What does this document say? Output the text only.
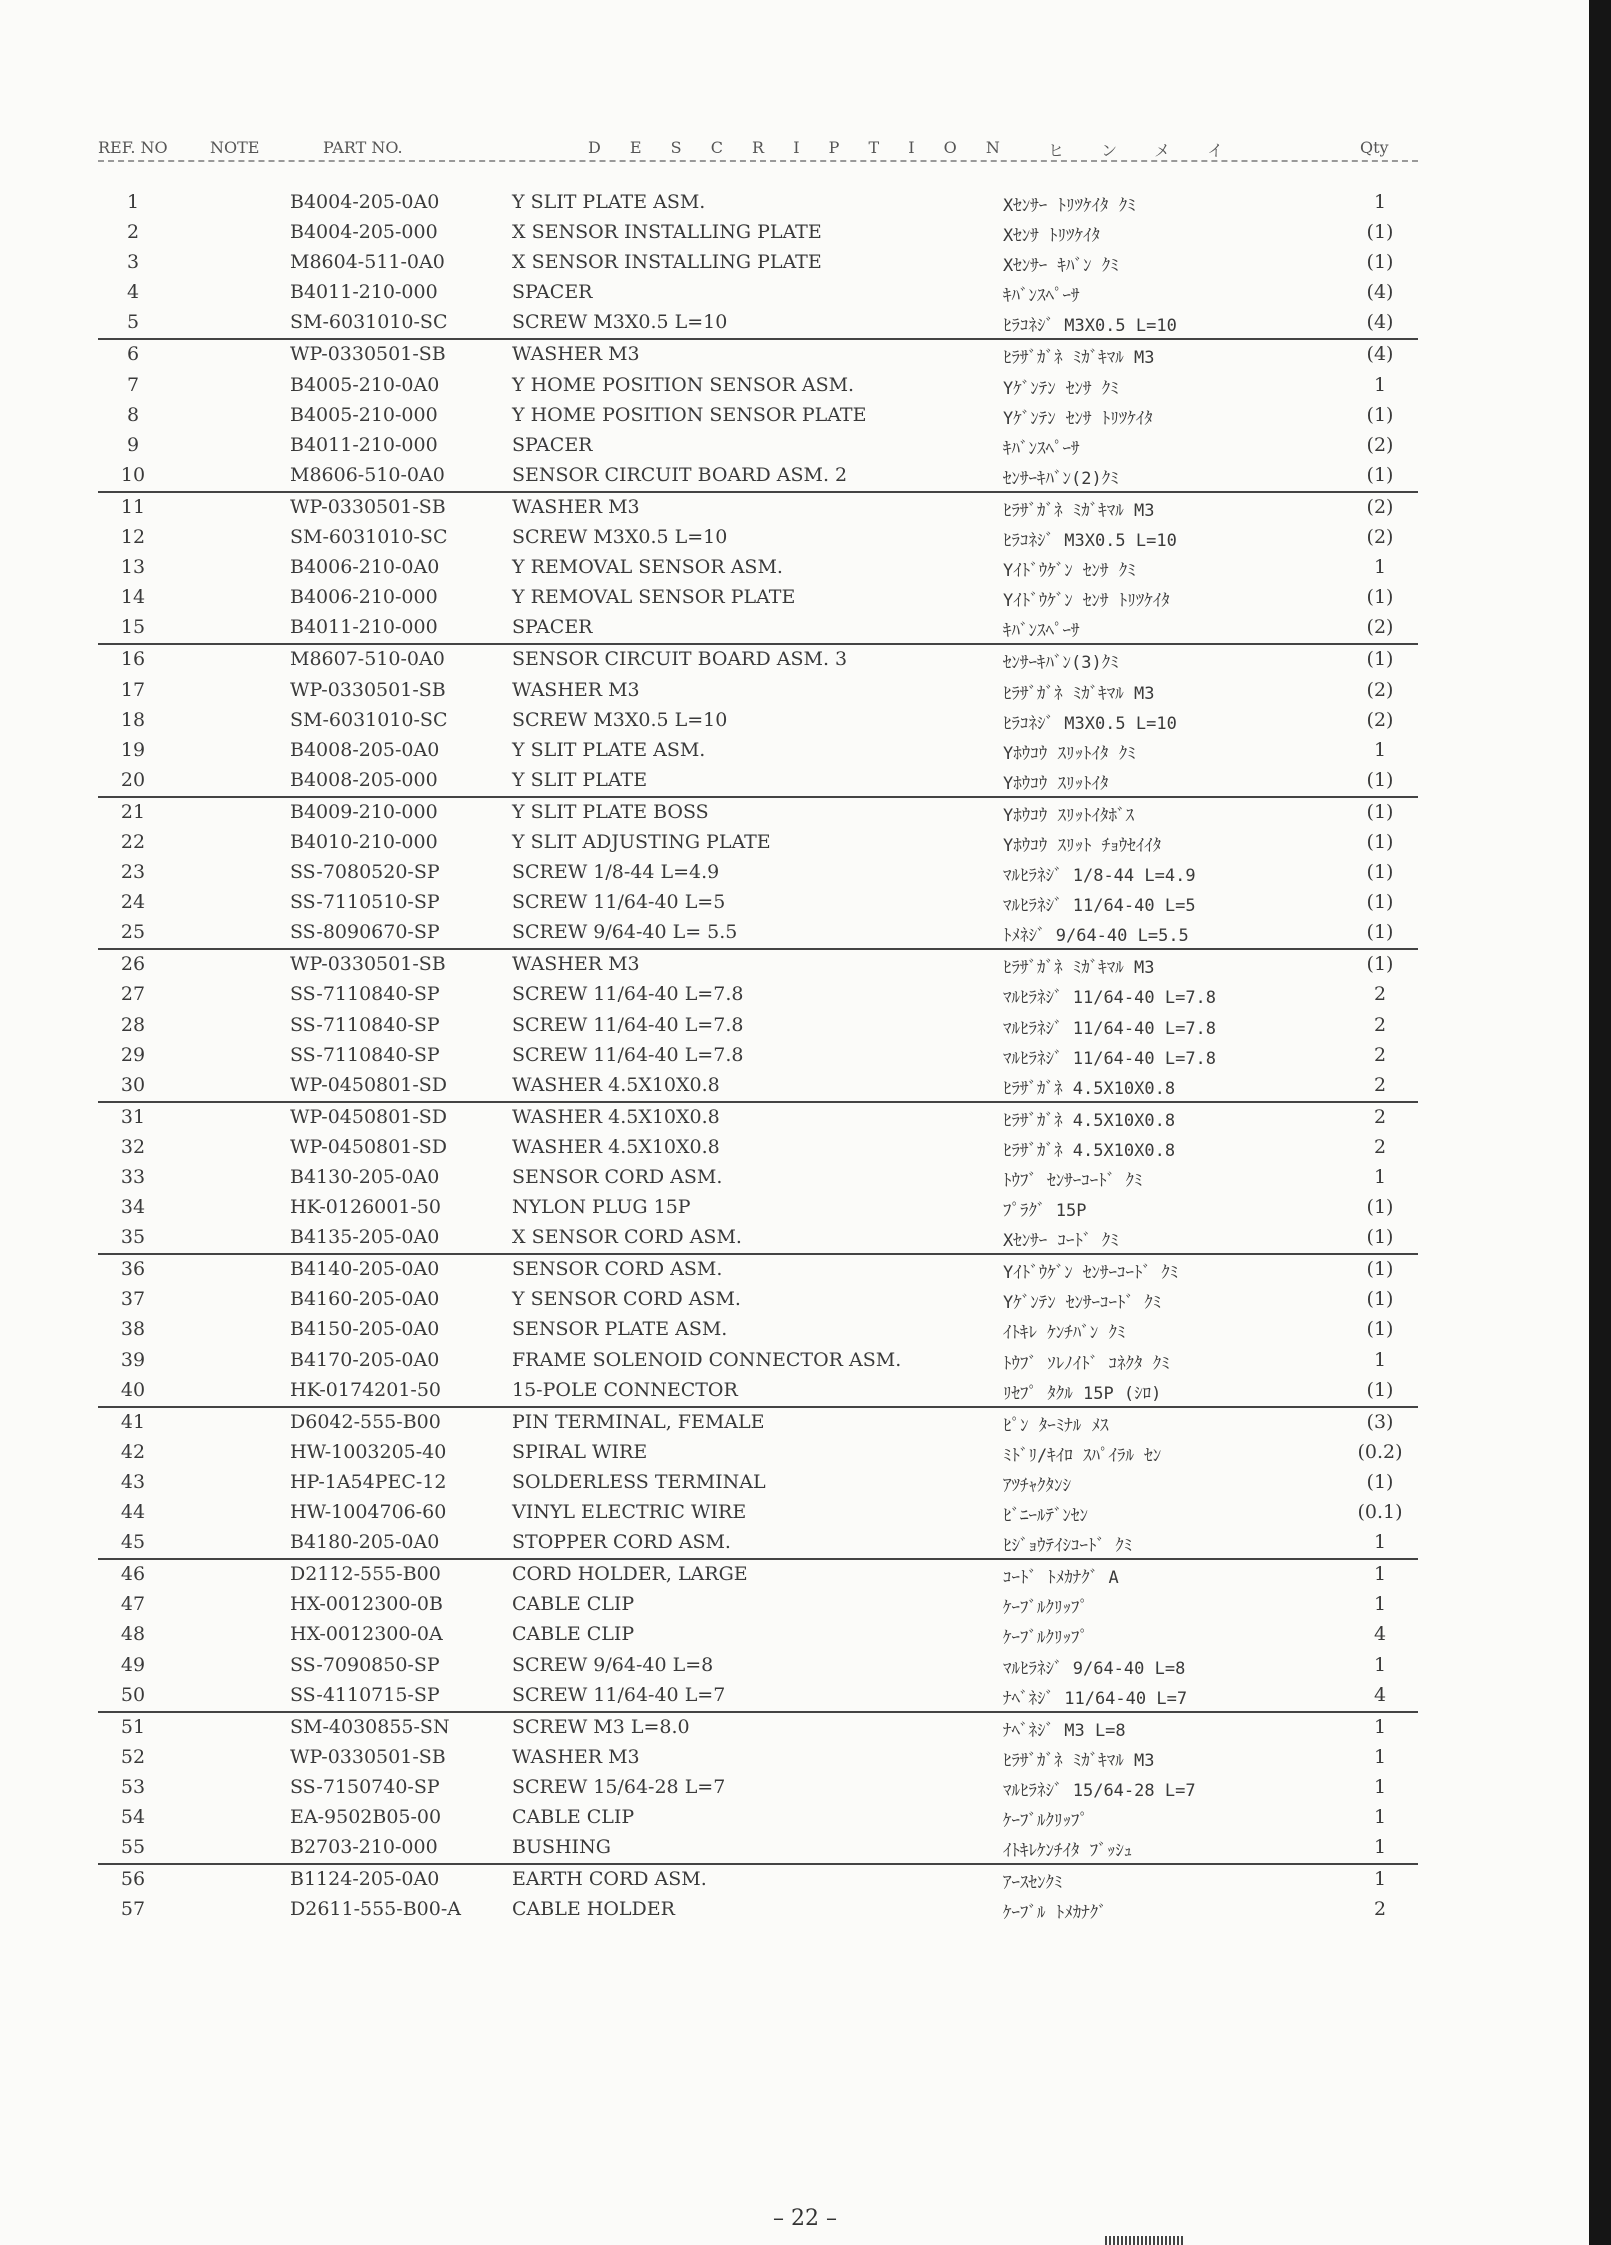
REF. NO	NOTE	PART NO.	D E S C R I P T I O N ヒ ン メ イ	Qty
1	B4004-205-0A0	Y SLIT PLATE ASM.	Xｾﾝｻｰ ﾄﾘﾂｹｲﾀ ｸﾐ	1
2	B4004-205-000	X SENSOR INSTALLING PLATE	Xｾﾝｻ ﾄﾘﾂｹｲﾀ	(1)
3	M8604-511-0A0	X SENSOR INSTALLING PLATE	Xｾﾝｻｰ ｷﾊﾞﾝ ｸﾐ	(1)
4	B4011-210-000	SPACER	ｷﾊﾞﾝｽﾍﾟｰｻ	(4)
5	SM-6031010-SC	SCREW M3X0.5 L=10	ﾋﾗｺﾈｼﾞ M3X0.5 L=10	(4)
6	WP-0330501-SB	WASHER M3	ﾋﾗｻﾞｶﾞﾈ ﾐｶﾞｷﾏﾙ M3	(4)
7	B4005-210-0A0	Y HOME POSITION SENSOR ASM.	Yｹﾞﾝﾃﾝ ｾﾝｻ ｸﾐ	1
8	B4005-210-000	Y HOME POSITION SENSOR PLATE	Yｹﾞﾝﾃﾝ ｾﾝｻ ﾄﾘﾂｹｲﾀ	(1)
9	B4011-210-000	SPACER	ｷﾊﾞﾝｽﾍﾟｰｻ	(2)
10	M8606-510-0A0	SENSOR CIRCUIT BOARD ASM. 2	ｾﾝｻｰｷﾊﾞﾝ(2)ｸﾐ	(1)
11	WP-0330501-SB	WASHER M3	ﾋﾗｻﾞｶﾞﾈ ﾐｶﾞｷﾏﾙ M3	(2)
12	SM-6031010-SC	SCREW M3X0.5 L=10	ﾋﾗｺﾈｼﾞ M3X0.5 L=10	(2)
13	B4006-210-0A0	Y REMOVAL SENSOR ASM.	Yｲﾄﾞｳｹﾞﾝ ｾﾝｻ ｸﾐ	1
14	B4006-210-000	Y REMOVAL SENSOR PLATE	Yｲﾄﾞｳｹﾞﾝ ｾﾝｻ ﾄﾘﾂｹｲﾀ	(1)
15	B4011-210-000	SPACER	ｷﾊﾞﾝｽﾍﾟｰｻ	(2)
16	M8607-510-0A0	SENSOR CIRCUIT BOARD ASM. 3	ｾﾝｻｰｷﾊﾞﾝ(3)ｸﾐ	(1)
17	WP-0330501-SB	WASHER M3	ﾋﾗｻﾞｶﾞﾈ ﾐｶﾞｷﾏﾙ M3	(2)
18	SM-6031010-SC	SCREW M3X0.5 L=10	ﾋﾗｺﾈｼﾞ M3X0.5 L=10	(2)
19	B4008-205-0A0	Y SLIT PLATE ASM.	Yﾎｳｺｳ ｽﾘｯﾄｲﾀ ｸﾐ	1
20	B4008-205-000	Y SLIT PLATE	Yﾎｳｺｳ ｽﾘｯﾄｲﾀ	(1)
21	B4009-210-000	Y SLIT PLATE BOSS	Yﾎｳｺｳ ｽﾘｯﾄｲﾀﾎﾞｽ	(1)
22	B4010-210-000	Y SLIT ADJUSTING PLATE	Yﾎｳｺｳ ｽﾘｯﾄ ﾁｮｳｾｲｲﾀ	(1)
23	SS-7080520-SP	SCREW 1/8-44 L=4.9	ﾏﾙﾋﾗﾈｼﾞ 1/8-44 L=4.9	(1)
24	SS-7110510-SP	SCREW 11/64-40 L=5	ﾏﾙﾋﾗﾈｼﾞ 11/64-40 L=5	(1)
25	SS-8090670-SP	SCREW 9/64-40 L= 5.5	ﾄﾒﾈｼﾞ 9/64-40 L=5.5	(1)
26	WP-0330501-SB	WASHER M3	ﾋﾗｻﾞｶﾞﾈ ﾐｶﾞｷﾏﾙ M3	(1)
27	SS-7110840-SP	SCREW 11/64-40 L=7.8	ﾏﾙﾋﾗﾈｼﾞ 11/64-40 L=7.8	2
28	SS-7110840-SP	SCREW 11/64-40 L=7.8	ﾏﾙﾋﾗﾈｼﾞ 11/64-40 L=7.8	2
29	SS-7110840-SP	SCREW 11/64-40 L=7.8	ﾏﾙﾋﾗﾈｼﾞ 11/64-40 L=7.8	2
30	WP-0450801-SD	WASHER 4.5X10X0.8	ﾋﾗｻﾞｶﾞﾈ 4.5X10X0.8	2
31	WP-0450801-SD	WASHER 4.5X10X0.8	ﾋﾗｻﾞｶﾞﾈ 4.5X10X0.8	2
32	WP-0450801-SD	WASHER 4.5X10X0.8	ﾋﾗｻﾞｶﾞﾈ 4.5X10X0.8	2
33	B4130-205-0A0	SENSOR CORD ASM.	ﾄｳﾌﾞ ｾﾝｻｰｺｰﾄﾞ ｸﾐ	1
34	HK-0126001-50	NYLON PLUG 15P	ﾌﾟﾗｸﾞ 15P	(1)
35	B4135-205-0A0	X SENSOR CORD ASM.	Xｾﾝｻｰ ｺｰﾄﾞ ｸﾐ	(1)
36	B4140-205-0A0	SENSOR CORD ASM.	Yｲﾄﾞｳｹﾞﾝ ｾﾝｻｰｺｰﾄﾞ ｸﾐ	(1)
37	B4160-205-0A0	Y SENSOR CORD ASM.	Yｹﾞﾝﾃﾝ ｾﾝｻｰｺｰﾄﾞ ｸﾐ	(1)
38	B4150-205-0A0	SENSOR PLATE ASM.	ｲﾄｷﾚ ｹﾝﾁﾊﾞﾝ ｸﾐ	(1)
39	B4170-205-0A0	FRAME SOLENOID CONNECTOR ASM.	ﾄｳﾌﾞ ｿﾚﾉｲﾄﾞ ｺﾈｸﾀ ｸﾐ	1
40	HK-0174201-50	15-POLE CONNECTOR	ﾘｾﾌﾟ ﾀｸﾙ 15P (ｼﾛ)	(1)
41	D6042-555-B00	PIN TERMINAL, FEMALE	ﾋﾟﾝ ﾀｰﾐﾅﾙ ﾒｽ	(3)
42	HW-1003205-40	SPIRAL WIRE	ﾐﾄﾞﾘ/ｷｲﾛ ｽﾊﾟｲﾗﾙ ｾﾝ	(0.2)
43	HP-1A54PEC-12	SOLDERLESS TERMINAL	ｱﾂﾁｬｸﾀﾝｼ	(1)
44	HW-1004706-60	VINYL ELECTRIC WIRE	ﾋﾞﾆｰﾙﾃﾞﾝｾﾝ	(0.1)
45	B4180-205-0A0	STOPPER CORD ASM.	ﾋｼﾞｮｳﾃｲｼｺｰﾄﾞ ｸﾐ	1
46	D2112-555-B00	CORD HOLDER, LARGE	ｺｰﾄﾞ ﾄﾒｶﾅｸﾞ A	1
47	HX-0012300-0B	CABLE CLIP	ｹｰﾌﾞﾙｸﾘｯﾌﾟ	1
48	HX-0012300-0A	CABLE CLIP	ｹｰﾌﾞﾙｸﾘｯﾌﾟ	4
49	SS-7090850-SP	SCREW 9/64-40 L=8	ﾏﾙﾋﾗﾈｼﾞ 9/64-40 L=8	1
50	SS-4110715-SP	SCREW 11/64-40 L=7	ﾅﾍﾞﾈｼﾞ 11/64-40 L=7	4
51	SM-4030855-SN	SCREW M3 L=8.0	ﾅﾍﾞﾈｼﾞ M3 L=8	1
52	WP-0330501-SB	WASHER M3	ﾋﾗｻﾞｶﾞﾈ ﾐｶﾞｷﾏﾙ M3	1
53	SS-7150740-SP	SCREW 15/64-28 L=7	ﾏﾙﾋﾗﾈｼﾞ 15/64-28 L=7	1
54	EA-9502B05-00	CABLE CLIP	ｹｰﾌﾞﾙｸﾘｯﾌﾟ	1
55	B2703-210-000	BUSHING	ｲﾄｷﾚｹﾝﾁｲﾀ ﾌﾞｯｼｭ	1
56	B1124-205-0A0	EARTH CORD ASM.	ｱｰｽｾﾝｸﾐ	1
57	D2611-555-B00-A	CABLE HOLDER	ｹｰﾌﾞﾙ ﾄﾒｶﾅｸﾞ	2
– 22 –
